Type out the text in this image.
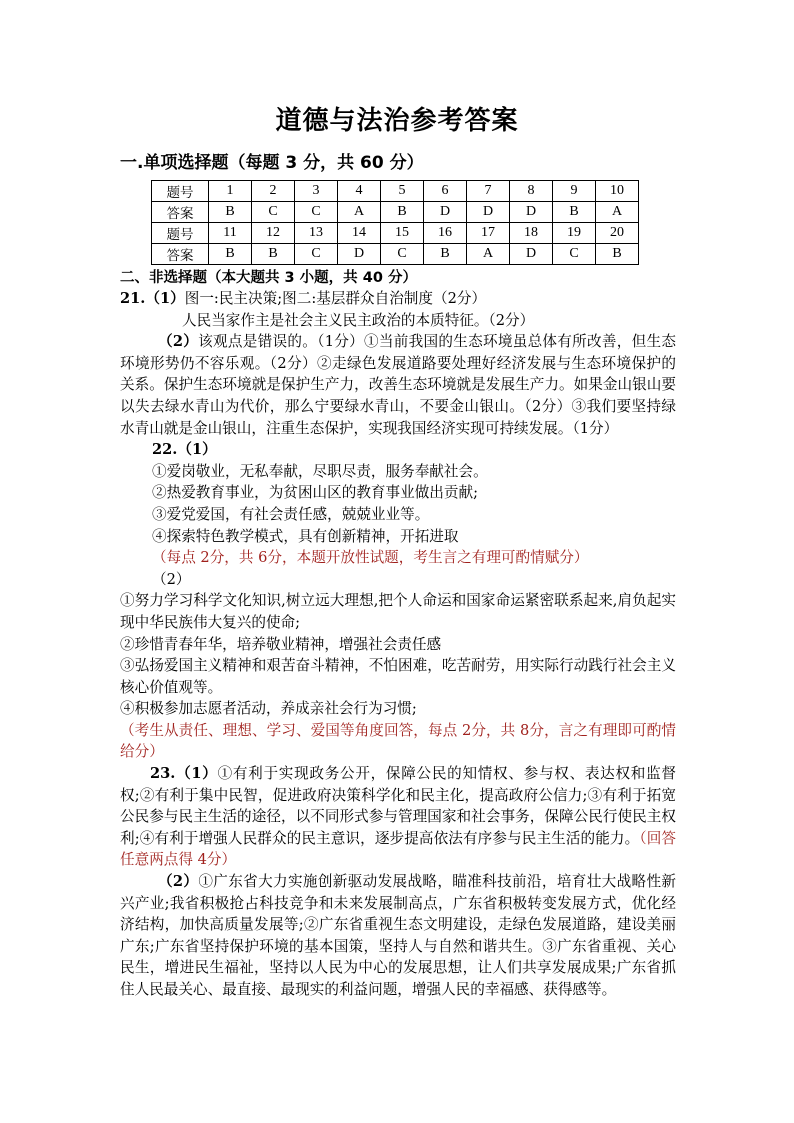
道德与法治参考答案
一.单项选择题（每题 3 分，共 60 分）
题号	1	2	3	4	5	6	7	8	9	10
答案	B	C	C	A	B	D	D	D	B	A
题号	11	12	13	14	15	16	17	18	19	20
答案	B	B	C	D	C	B	A	D	C	B
二、非选择题（本大题共 3 小题，共 40 分）

21.（1）图一:民主决策;图二:基层群众自治制度（2分）

人民当家作主是社会主义民主政治的本质特征。（2分）

（2）该观点是错误的。（1分）①当前我国的生态环境虽总体有所改善，但生态环境形势仍不容乐观。（2分）②走绿色发展道路要处理好经济发展与生态环境保护的关系。保护生态环境就是保护生产力，改善生态环境就是发展生产力。如果金山银山要以失去绿水青山为代价，那么宁要绿水青山，不要金山银山。（2分）③我们要坚持绿水青山就是金山银山，注重生态保护，实现我国经济实现可持续发展。（1分）

22.（1）

①爱岗敬业，无私奉献，尽职尽责，服务奉献社会。

②热爱教育事业，为贫困山区的教育事业做出贡献;

③爱党爱国，有社会责任感，兢兢业业等。

④探索特色教学模式，具有创新精神，开拓进取

（每点 2分，共 6分，本题开放性试题，考生言之有理可酌情赋分）

（2）

①努力学习科学文化知识,树立远大理想,把个人命运和国家命运紧密联系起来,肩负起实现中华民族伟大复兴的使命;

②珍惜青春年华，培养敬业精神，增强社会责任感

③弘扬爱国主义精神和艰苦奋斗精神，不怕困难，吃苦耐劳，用实际行动践行社会主义核心价值观等。

④积极参加志愿者活动，养成亲社会行为习惯;

（考生从责任、理想、学习、爱国等角度回答，每点 2分，共 8分，言之有理即可酌情给分）

23.（1）①有利于实现政务公开，保障公民的知情权、参与权、表达权和监督权;②有利于集中民智，促进政府决策科学化和民主化，提高政府公信力;③有利于拓宽公民参与民主生活的途径，以不同形式参与管理国家和社会事务，保障公民行使民主权利;④有利于增强人民群众的民主意识，逐步提高依法有序参与民主生活的能力。（回答任意两点得 4分）

（2）①广东省大力实施创新驱动发展战略，瞄准科技前沿，培育壮大战略性新兴产业;我省积极抢占科技竞争和未来发展制高点，广东省积极转变发展方式，优化经济结构，加快高质量发展等;②广东省重视生态文明建设，走绿色发展道路，建设美丽广东;广东省坚持保护环境的基本国策，坚持人与自然和谐共生。③广东省重视、关心民生，增进民生福祉，坚持以人民为中心的发展思想，让人们共享发展成果;广东省抓住人民最关心、最直接、最现实的利益问题，增强人民的幸福感、获得感等。
